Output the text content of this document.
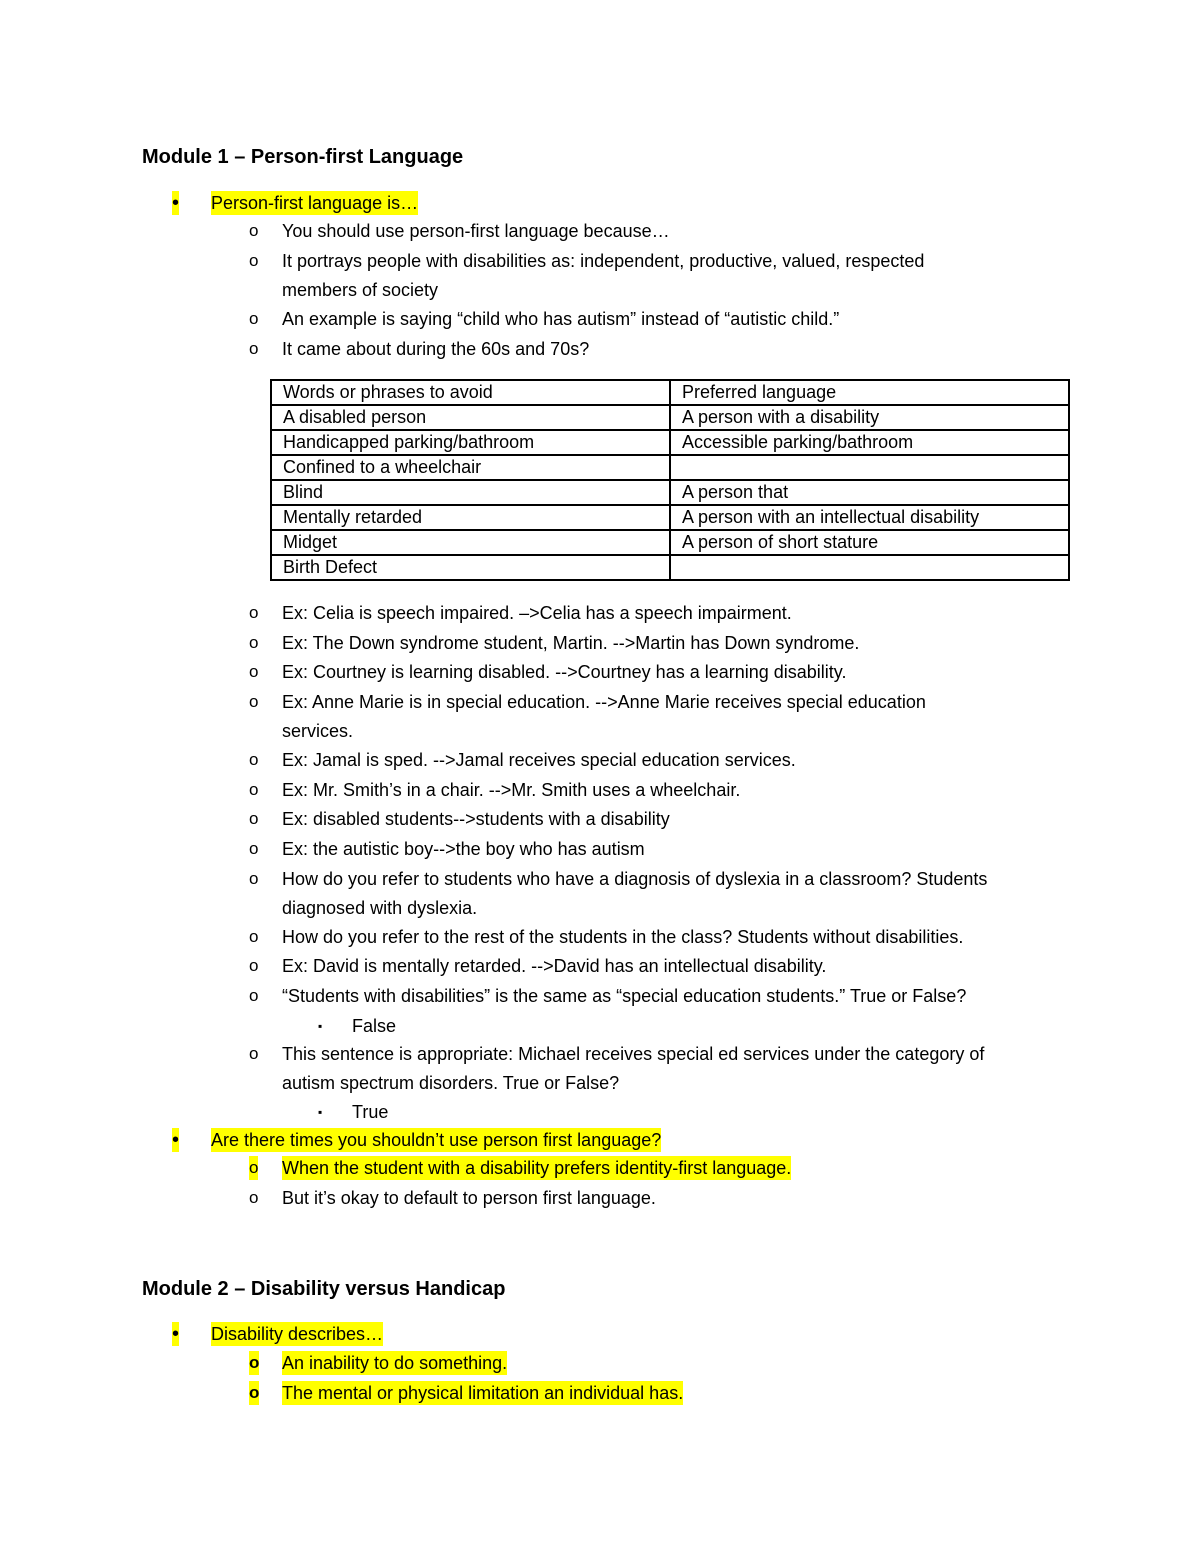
Module 1 – Person-first Language
• Person-first language is…
o You should use person-first language because…
o It portrays people with disabilities as: independent, productive, valued, respected
members of society
o An example is saying “child who has autism” instead of “autistic child.”
o It came about during the 60s and 70s?
Words or phrases to avoid	Preferred language
A disabled person	A person with a disability
Handicapped parking/bathroom	Accessible parking/bathroom
Confined to a wheelchair	
Blind	A person that
Mentally retarded	A person with an intellectual disability
Midget	A person of short stature
Birth Defect	
o Ex: Celia is speech impaired. –>Celia has a speech impairment.
o Ex: The Down syndrome student, Martin. -->Martin has Down syndrome.
o Ex: Courtney is learning disabled. -->Courtney has a learning disability.
o Ex: Anne Marie is in special education. -->Anne Marie receives special education
services.
o Ex: Jamal is sped. -->Jamal receives special education services.
o Ex: Mr. Smith’s in a chair. -->Mr. Smith uses a wheelchair.
o Ex: disabled students-->students with a disability
o Ex: the autistic boy-->the boy who has autism
o How do you refer to students who have a diagnosis of dyslexia in a classroom? Students
diagnosed with dyslexia.
o How do you refer to the rest of the students in the class? Students without disabilities.
o Ex: David is mentally retarded. -->David has an intellectual disability.
o “Students with disabilities” is the same as “special education students.” True or False?
▪ False
o This sentence is appropriate: Michael receives special ed services under the category of
autism spectrum disorders. True or False?
▪ True
• Are there times you shouldn’t use person first language?
o When the student with a disability prefers identity-first language.
o But it’s okay to default to person first language.
Module 2 – Disability versus Handicap
• Disability describes…
o An inability to do something.
o The mental or physical limitation an individual has.
